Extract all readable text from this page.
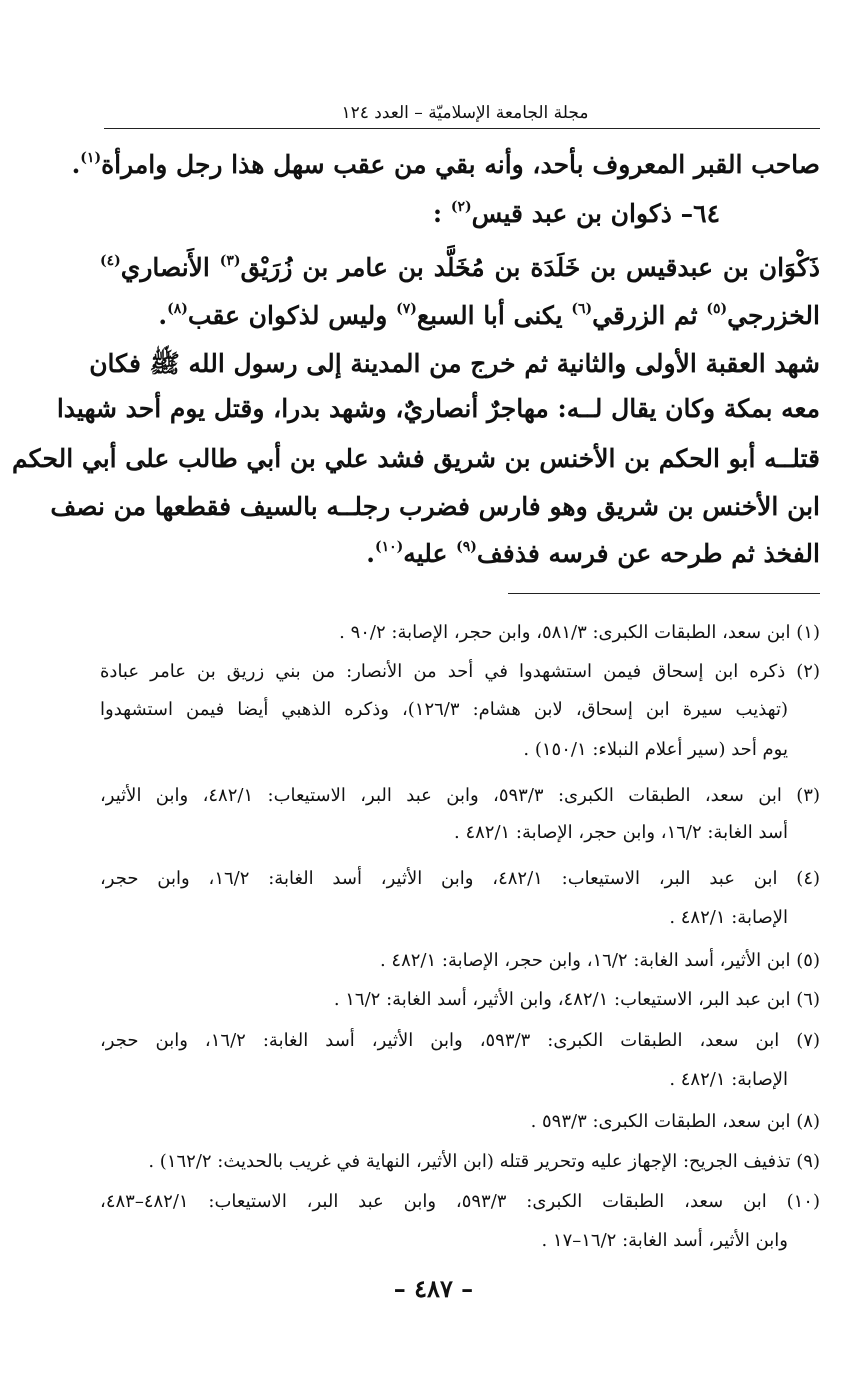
مجلة الجامعة الإسلاميّة – العدد ١٢٤
صاحب القبر المعروف بأحد، وأنه بقي من عقب سهل هذا رجل وامرأة$^{(١)}$.
٦٤– ذكوان بن عبد قيس$^{(٢)}$ :
ذَكْوَان بن عبدقيس بن خَلَدَة بن مُخَلَّد بن عامر بن زُرَيْق$^{(٣)}$ الأَنصاري$^{(٤)}$
الخزرجي$^{(٥)}$ ثم الزرقي$^{(٦)}$ يكنى أبا السبع$^{(٧)}$ وليس لذكوان عقب$^{(٨)}$.
شهد العقبة الأولى والثانية ثم خرج من المدينة إلى رسول الله ﷺ فكان
معه بمكة وكان يقال لــه: مهاجرٌ أنصاريٌ، وشهد بدرا، وقتل يوم أحد شهيدا
قتلــه أبو الحكم بن الأخنس بن شريق فشد علي بن أبي طالب على أبي الحكم
ابن الأخنس بن شريق وهو فارس فضرب رجلــه بالسيف فقطعها من نصف
الفخذ ثم طرحه عن فرسه فذفف$^{(٩)}$ عليه$^{(١٠)}$.
(١) ابن سعد، الطبقات الكبرى: ٥٨١/٣، وابن حجر، الإصابة: ٩٠/٢ .
(٢) ذكره ابن إسحاق فيمن استشهدوا في أحد من الأنصار: من بني زريق بن عامر عبادة
(تهذيب سيرة ابن إسحاق، لابن هشام: ١٢٦/٣)، وذكره الذهبي أيضا فيمن استشهدوا
يوم أحد (سير أعلام النبلاء: ١٥٠/١) .
(٣) ابن سعد، الطبقات الكبرى: ٥٩٣/٣، وابن عبد البر، الاستيعاب: ٤٨٢/١، وابن الأثير،
أسد الغابة: ١٦/٢، وابن حجر، الإصابة: ٤٨٢/١ .
(٤) ابن عبد البر، الاستيعاب: ٤٨٢/١، وابن الأثير، أسد الغابة: ١٦/٢، وابن حجر،
الإصابة: ٤٨٢/١ .
(٥) ابن الأثير، أسد الغابة: ١٦/٢، وابن حجر، الإصابة: ٤٨٢/١ .
(٦) ابن عبد البر، الاستيعاب: ٤٨٢/١، وابن الأثير، أسد الغابة: ١٦/٢ .
(٧) ابن سعد، الطبقات الكبرى: ٥٩٣/٣، وابن الأثير، أسد الغابة: ١٦/٢، وابن حجر،
الإصابة: ٤٨٢/١ .
(٨) ابن سعد، الطبقات الكبرى: ٥٩٣/٣ .
(٩) تذفيف الجريح: الإجهاز عليه وتحرير قتله (ابن الأثير، النهاية في غريب بالحديث: ١٦٢/٢) .
(١٠) ابن سعد، الطبقات الكبرى: ٥٩٣/٣، وابن عبد البر، الاستيعاب: ٤٨٢/١–٤٨٣،
وابن الأثير، أسد الغابة: ١٦/٢–١٧ .
– ٤٨٧ –
